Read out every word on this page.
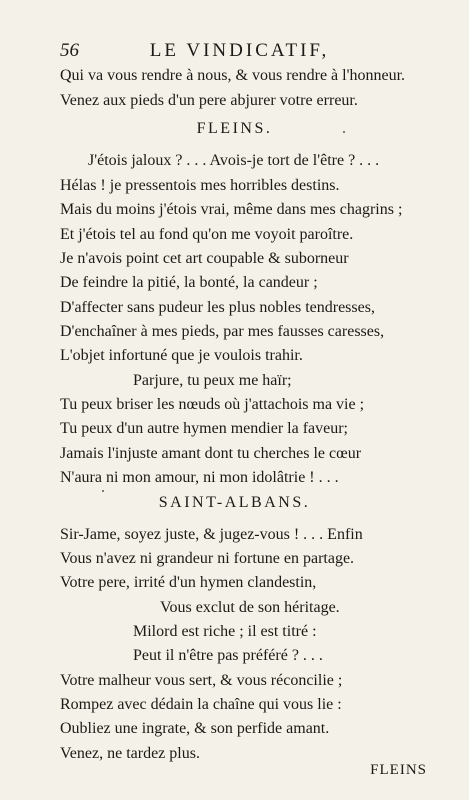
56	LE VINDICATIF,
Qui va vous rendre à nous, & vous rendre à l'honneur.
Venez aux pieds d'un pere abjurer votre erreur.
FLEINS.
J'étois jaloux ? . . . Avois-je tort de l'être ? . . .
Hélas ! je pressentois mes horribles destins.
Mais du moins j'étois vrai, même dans mes chagrins ;
Et j'étois tel au fond qu'on me voyoit paroître.
Je n'avois point cet art coupable & suborneur
De feindre la pitié, la bonté, la candeur ;
D'affecter sans pudeur les plus nobles tendresses,
D'enchaîner à mes pieds, par mes fausses caresses,
L'objet infortuné que je voulois trahir.
Parjure, tu peux me haïr;
Tu peux briser les nœuds où j'attachois ma vie ;
Tu peux d'un autre hymen mendier la faveur;
Jamais l'injuste amant dont tu cherches le cœur
N'aura ni mon amour, ni mon idolâtrie ! . . .
SAINT-ALBANS.
Sir-Jame, soyez juste, & jugez-vous ! . . . Enfin
Vous n'avez ni grandeur ni fortune en partage.
Votre pere, irrité d'un hymen clandestin,
Vous exclut de son héritage.
Milord est riche ; il est titré :
Peut il n'être pas préféré ? . . .
Votre malheur vous sert, & vous réconcilie ;
Rompez avec dédain la chaîne qui vous lie :
Oubliez une ingrate, & son perfide amant.
Venez, ne tardez plus.
FLEINS
